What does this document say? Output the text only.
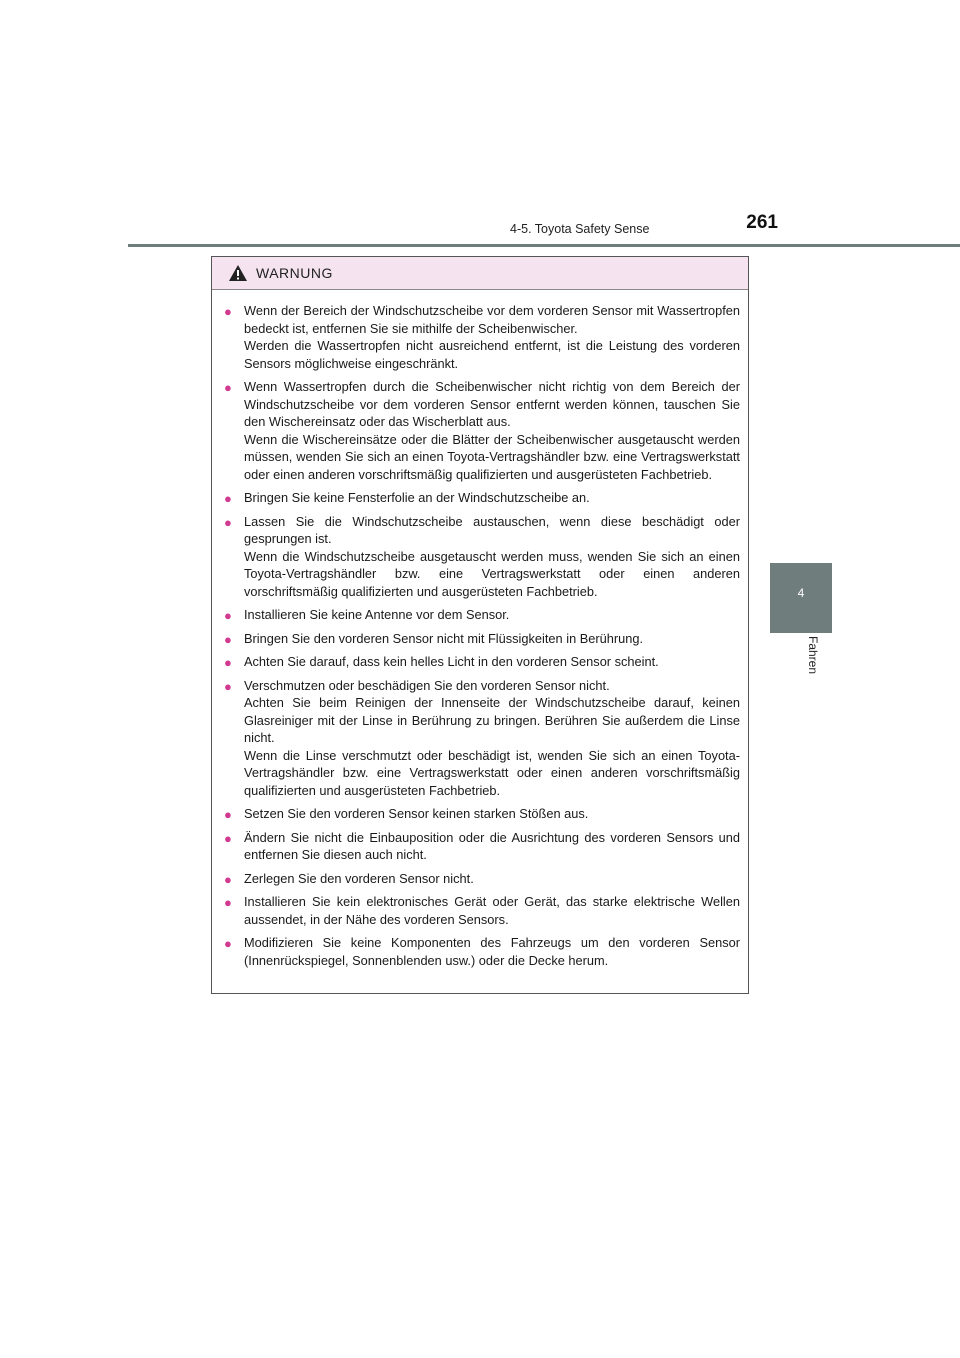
4-5. Toyota Safety Sense	261
4
Fahren
WARNUNG
● Wenn der Bereich der Windschutzscheibe vor dem vorderen Sensor mit Wassertropfen bedeckt ist, entfernen Sie sie mithilfe der Scheibenwischer.

Werden die Wassertropfen nicht ausreichend entfernt, ist die Leistung des vorderen Sensors möglichweise eingeschränkt.

● Wenn Wassertropfen durch die Scheibenwischer nicht richtig von dem Bereich der Windschutzscheibe vor dem vorderen Sensor entfernt werden können, tauschen Sie den Wischereinsatz oder das Wischerblatt aus.

Wenn die Wischereinsätze oder die Blätter der Scheibenwischer ausgetauscht werden müssen, wenden Sie sich an einen Toyota-Vertragshändler bzw. eine Vertragswerkstatt oder einen anderen vorschriftsmäßig qualifizierten und ausgerüsteten Fachbetrieb.

● Bringen Sie keine Fensterfolie an der Windschutzscheibe an.

● Lassen Sie die Windschutzscheibe austauschen, wenn diese beschädigt oder gesprungen ist.

Wenn die Windschutzscheibe ausgetauscht werden muss, wenden Sie sich an einen Toyota-Vertragshändler bzw. eine Vertragswerkstatt oder einen anderen vorschriftsmäßig qualifizierten und ausgerüsteten Fachbetrieb.

● Installieren Sie keine Antenne vor dem Sensor.

● Bringen Sie den vorderen Sensor nicht mit Flüssigkeiten in Berührung.

● Achten Sie darauf, dass kein helles Licht in den vorderen Sensor scheint.

● Verschmutzen oder beschädigen Sie den vorderen Sensor nicht.

Achten Sie beim Reinigen der Innenseite der Windschutzscheibe darauf, keinen Glasreiniger mit der Linse in Berührung zu bringen. Berühren Sie außerdem die Linse nicht.

Wenn die Linse verschmutzt oder beschädigt ist, wenden Sie sich an einen Toyota-Vertragshändler bzw. eine Vertragswerkstatt oder einen anderen vorschriftsmäßig qualifizierten und ausgerüsteten Fachbetrieb.

● Setzen Sie den vorderen Sensor keinen starken Stößen aus.

● Ändern Sie nicht die Einbauposition oder die Ausrichtung des vorderen Sensors und entfernen Sie diesen auch nicht.

● Zerlegen Sie den vorderen Sensor nicht.

● Installieren Sie kein elektronisches Gerät oder Gerät, das starke elektrische Wellen aussendet, in der Nähe des vorderen Sensors.

● Modifizieren Sie keine Komponenten des Fahrzeugs um den vorderen Sensor (Innenrückspiegel, Sonnenblenden usw.) oder die Decke herum.
